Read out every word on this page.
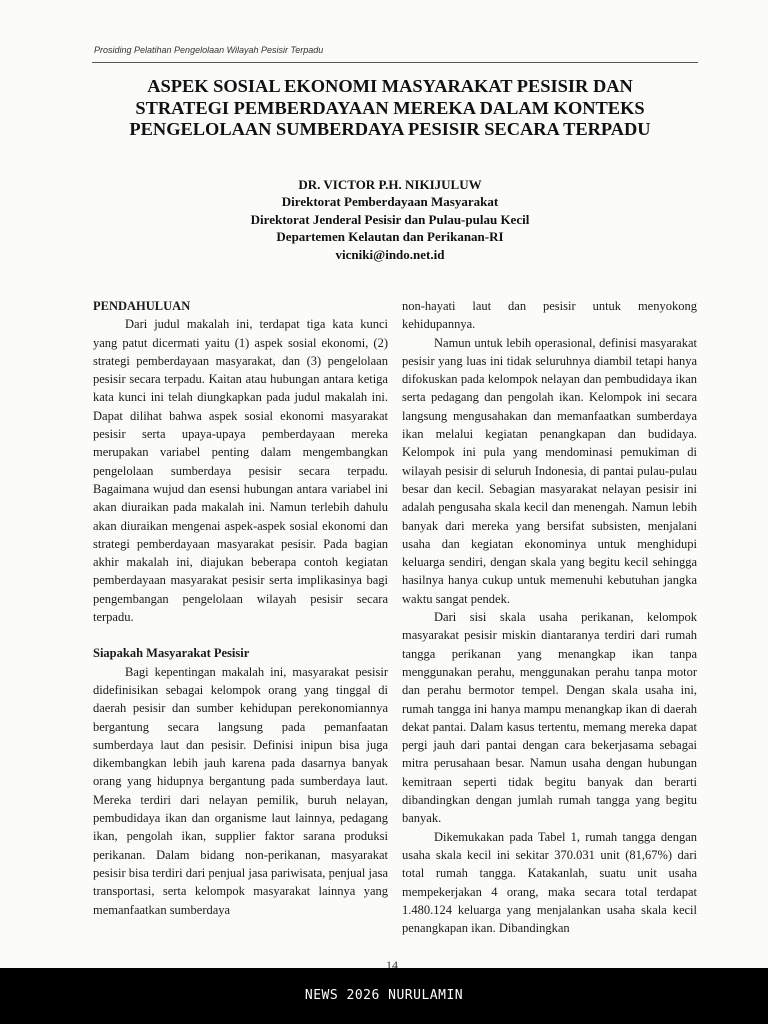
Prosiding Pelatihan Pengelolaan Wilayah Pesisir Terpadu
ASPEK SOSIAL EKONOMI MASYARAKAT PESISIR DAN
STRATEGI PEMBERDAYAAN MEREKA DALAM KONTEKS
PENGELOLAAN SUMBERDAYA PESISIR SECARA TERPADU
DR. VICTOR P.H. NIKIJULUW
Direktorat Pemberdayaan Masyarakat
Direktorat Jenderal Pesisir dan Pulau-pulau Kecil
Departemen Kelautan dan Perikanan-RI
vicniki@indo.net.id
PENDAHULUAN

Dari judul makalah ini, terdapat tiga kata kunci yang patut dicermati yaitu (1) aspek sosial ekonomi, (2) strategi pemberdayaan masyarakat, dan (3) pengelolaan pesisir secara terpadu. Kaitan atau hubungan antara ketiga kata kunci ini telah diungkapkan pada judul makalah ini. Dapat dilihat bahwa aspek sosial ekonomi masyarakat pesisir serta upaya-upaya pemberdayaan mereka merupakan variabel penting dalam mengembangkan pengelolaan sumberdaya pesisir secara terpadu. Bagaimana wujud dan esensi hubungan antara variabel ini akan diuraikan pada makalah ini. Namun terlebih dahulu akan diuraikan mengenai aspek-aspek sosial ekonomi dan strategi pemberdayaan masyarakat pesisir. Pada bagian akhir makalah ini, diajukan beberapa contoh kegiatan pemberdayaan masyarakat pesisir serta implikasinya bagi pengembangan pengelolaan wilayah pesisir secara terpadu.

Siapakah Masyarakat Pesisir

Bagi kepentingan makalah ini, masyarakat pesisir didefinisikan sebagai kelompok orang yang tinggal di daerah pesisir dan sumber kehidupan perekonomiannya bergantung secara langsung pada pemanfaatan sumberdaya laut dan pesisir. Definisi inipun bisa juga dikembangkan lebih jauh karena pada dasarnya banyak orang yang hidupnya bergantung pada sumberdaya laut. Mereka terdiri dari nelayan pemilik, buruh nelayan, pembudidaya ikan dan organisme laut lainnya, pedagang ikan, pengolah ikan, supplier faktor sarana produksi perikanan. Dalam bidang non-perikanan, masyarakat pesisir bisa terdiri dari penjual jasa pariwisata, penjual jasa transportasi, serta kelompok masyarakat lainnya yang memanfaatkan sumberdaya

non-hayati laut dan pesisir untuk menyokong kehidupannya.

Namun untuk lebih operasional, definisi masyarakat pesisir yang luas ini tidak seluruhnya diambil tetapi hanya difokuskan pada kelompok nelayan dan pembudidaya ikan serta pedagang dan pengolah ikan. Kelompok ini secara langsung mengusahakan dan memanfaatkan sumberdaya ikan melalui kegiatan penangkapan dan budidaya. Kelompok ini pula yang mendominasi pemukiman di wilayah pesisir di seluruh Indonesia, di pantai pulau-pulau besar dan kecil. Sebagian masyarakat nelayan pesisir ini adalah pengusaha skala kecil dan menengah. Namun lebih banyak dari mereka yang bersifat subsisten, menjalani usaha dan kegiatan ekonominya untuk menghidupi keluarga sendiri, dengan skala yang begitu kecil sehingga hasilnya hanya cukup untuk memenuhi kebutuhan jangka waktu sangat pendek.

Dari sisi skala usaha perikanan, kelompok masyarakat pesisir miskin diantaranya terdiri dari rumah tangga perikanan yang menangkap ikan tanpa menggunakan perahu, menggunakan perahu tanpa motor dan perahu bermotor tempel. Dengan skala usaha ini, rumah tangga ini hanya mampu menangkap ikan di daerah dekat pantai. Dalam kasus tertentu, memang mereka dapat pergi jauh dari pantai dengan cara bekerjasama sebagai mitra perusahaan besar. Namun usaha dengan hubungan kemitraan seperti tidak begitu banyak dan berarti dibandingkan dengan jumlah rumah tangga yang begitu banyak.

Dikemukakan pada Tabel 1, rumah tangga dengan usaha skala kecil ini sekitar 370.031 unit (81,67%) dari total rumah tangga. Katakanlah, suatu unit usaha mempekerjakan 4 orang, maka secara total terdapat 1.480.124 keluarga yang menjalankan usaha skala kecil penangkapan ikan. Dibandingkan

14
NEWS 2026 NURULAMIN
